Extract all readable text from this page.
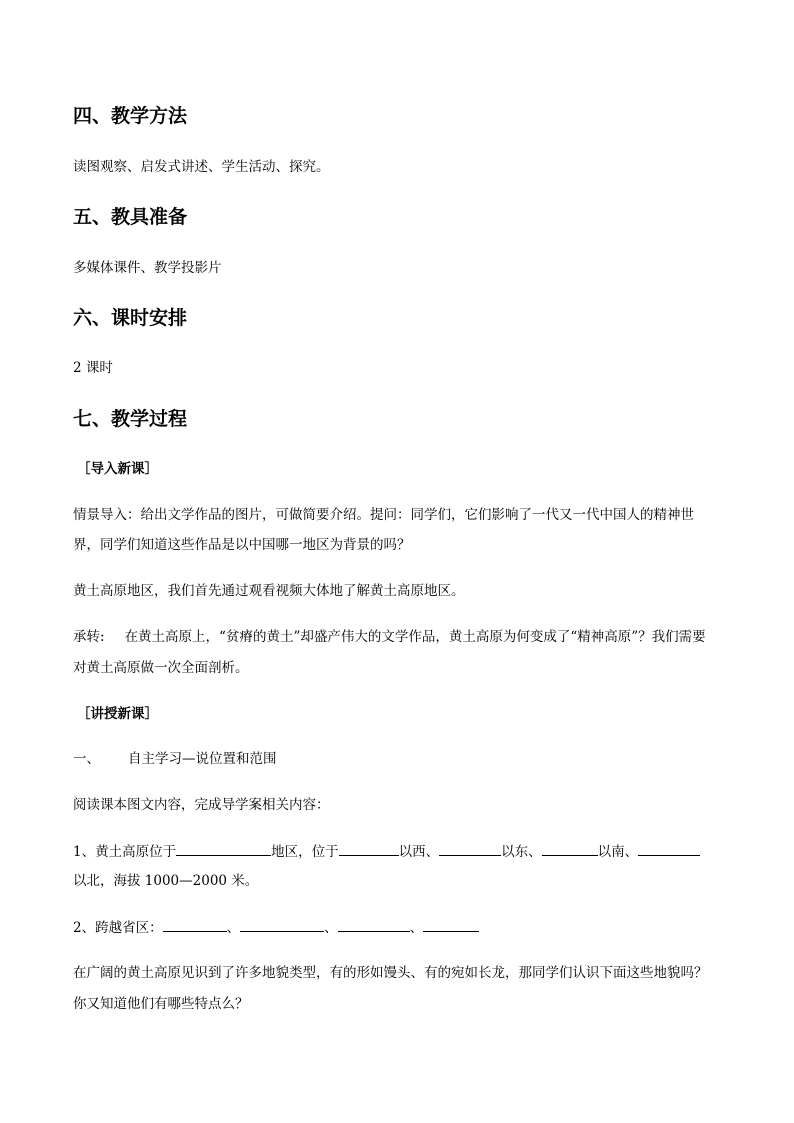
四、教学方法

读图观察、启发式讲述、学生活动、探究。

五、教具准备

多媒体课件、教学投影片

六、课时安排

2 课时

七、教学过程

［导入新课］

情景导入：给出文学作品的图片，可做简要介绍。提问：同学们，它们影响了一代又一代中国人的精神世

界，同学们知道这些作品是以中国哪一地区为背景的吗？

黄土高原地区，我们首先通过观看视频大体地了解黄土高原地区。

承转: 在黄土高原上，“贫瘠的黄土”却盛产伟大的文学作品，黄土高原为何变成了“精神高原”？我们需要

对黄土高原做一次全面剖析。

［讲授新课］

一、 自主学习—说位置和范围

阅读课本图文内容，完成导学案相关内容：

1、黄土高原位于	地区，位于	以西、	以东、	以南、

以北，海拔 1000—2000 米。

2、跨越省区：	、	、	、

在广阔的黄土高原见识到了许多地貌类型，有的形如馒头、有的宛如长龙，那同学们认识下面这些地貌吗？

你又知道他们有哪些特点么？
